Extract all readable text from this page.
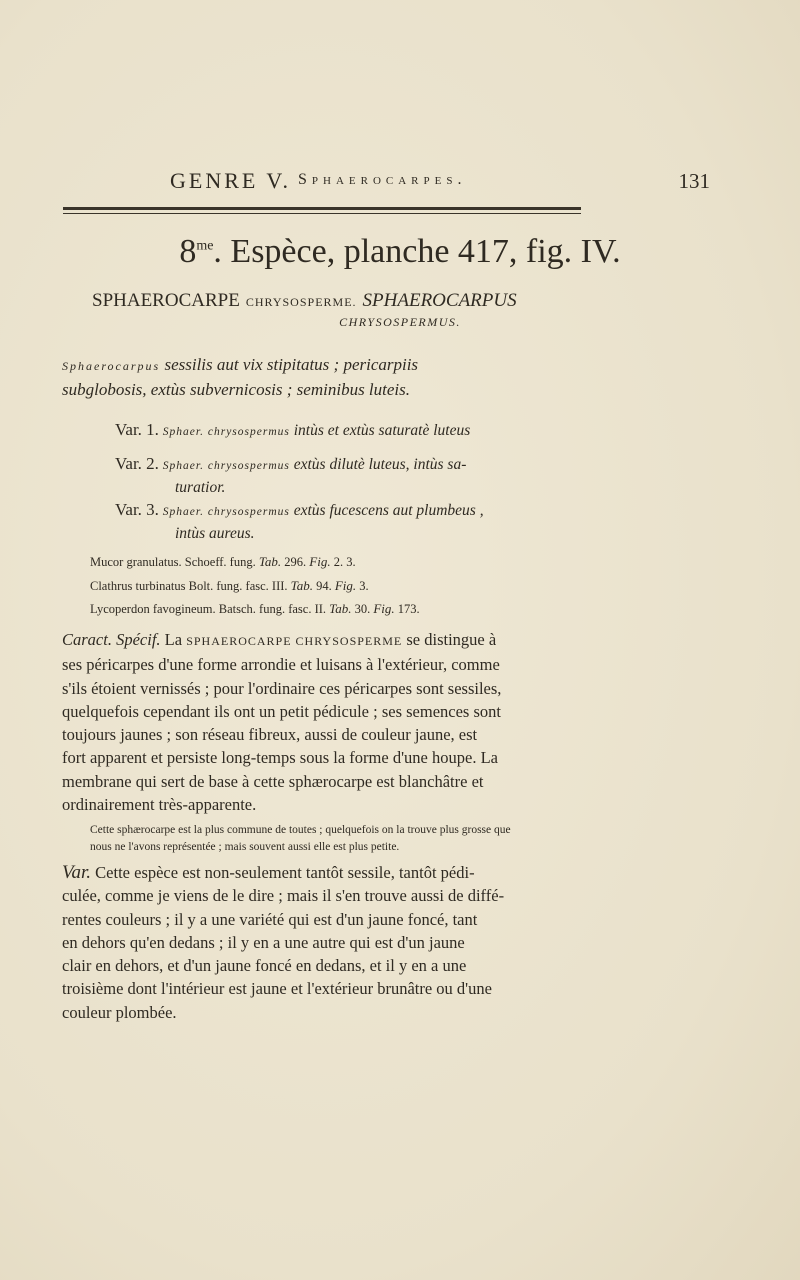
GENRE V. Sphaerocarpes.	131
$8^{me}$. Espèce, planche 417, fig. IV.
SPHAEROCARPE CHRYSOSPERME. SPHAEROCARPUS
CHRYSOSPERMUS.
Sphaerocarpus sessilis aut vix stipitatus ; pericarpiis
subglobosis, extùs subvernicosis ; seminibus luteis.
Var. 1. Sphaer. chrysospermus intùs et extùs saturatè luteus
Var. 2. Sphaer. chrysospermus extùs dilutè luteus, intùs sa-
turatior.
Var. 3. Sphaer. chrysospermus extùs fucescens aut plumbeus ,
intùs aureus.
Mucor granulatus. Schoeff. fung. Tab. 296. Fig. 2. 3.
Clathrus turbinatus Bolt. fung. fasc. III. Tab. 94. Fig. 3.
Lycoperdon favogineum. Batsch. fung. fasc. II. Tab. 30. Fig. 173.
Caract. Spécif. La SPHAEROCARPE CHRYSOSPERME se distingue à
ses péricarpes d'une forme arrondie et luisans à l'extérieur, comme
s'ils étoient vernissés ; pour l'ordinaire ces péricarpes sont sessiles,
quelquefois cependant ils ont un petit pédicule ; ses semences sont
toujours jaunes ; son réseau fibreux, aussi de couleur jaune, est
fort apparent et persiste long-temps sous la forme d'une houpe. La
membrane qui sert de base à cette sphærocarpe est blanchâtre et
ordinairement très-apparente.
Cette sphærocarpe est la plus commune de toutes ; quelquefois on la trouve plus grosse que
nous ne l'avons représentée ; mais souvent aussi elle est plus petite.
Var. Cette espèce est non-seulement tantôt sessile, tantôt pédi-
culée, comme je viens de le dire ; mais il s'en trouve aussi de diffé-
rentes couleurs ; il y a une variété qui est d'un jaune foncé, tant
en dehors qu'en dedans ; il y en a une autre qui est d'un jaune
clair en dehors, et d'un jaune foncé en dedans, et il y en a une
troisième dont l'intérieur est jaune et l'extérieur brunâtre ou d'une
couleur plombée.
